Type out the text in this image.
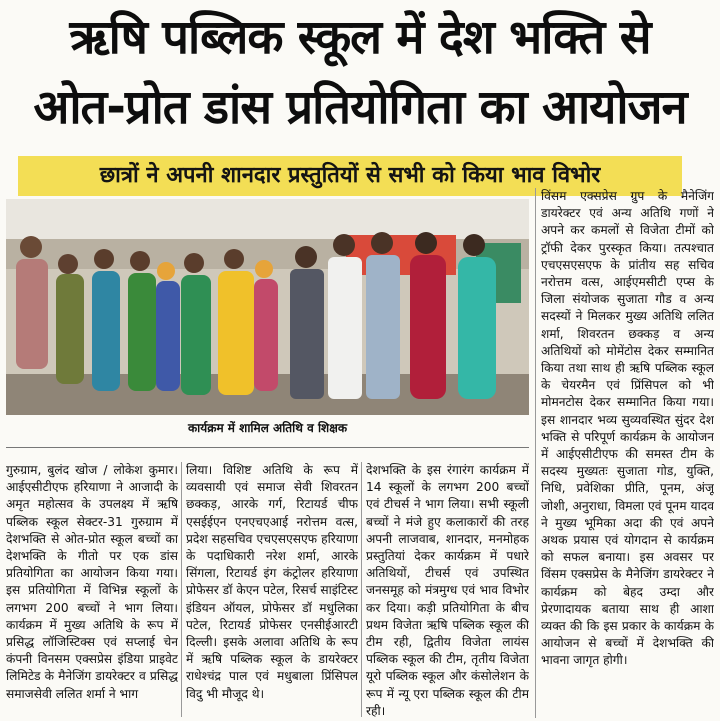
ऋषि पब्लिक स्कूल में देश भक्ति से
ओत-प्रोत डांस प्रतियोगिता का आयोजन
छात्रों ने अपनी शानदार प्रस्तुतियों से सभी को किया भाव विभोर
कार्यक्रम में शामिल अतिथि व शिक्षक

गुरुग्राम, बुलंद खोज / लोकेश कुमार। आईएसीटीएफ हरियाणा ने आजादी के अमृत महोत्सव के उपलक्ष्य में ऋषि पब्लिक स्कूल सेक्टर-31 गुरुग्राम में देशभक्ति से ओत-प्रोत स्कूल बच्चों का देशभक्ति के गीतो पर एक डांस प्रतियोगिता का आयोजन किया गया। इस प्रतियोगिता में विभिन्न स्कूलों के लगभग 200 बच्चों ने भाग लिया। कार्यक्रम में मुख्य अतिथि के रूप में प्रसिद्ध लॉजिस्टिक्स एवं सप्लाई चेन कंपनी विनसम एक्सप्रेस इंडिया प्राइवेट लिमिटेड के मैनेजिंग डायरेक्टर व प्रसिद्ध समाजसेवी ललित शर्मा ने भाग

लिया। विशिष्ट अतिथि के रूप में व्यवसायी एवं समाज सेवी शिवरतन छक्कड़, आरके गर्ग, रिटायर्ड चीफ एसईईएन एनएचएआई नरोत्तम वत्स, प्रदेश सहसचिव एचएसएसएफ हरियाणा के पदाधिकारी नरेश शर्मा, आरके सिंगला, रिटायर्ड इंग कंट्रोलर हरियाणा प्रोफेसर डॉ केएन पटेल, रिसर्च साइंटिस्ट इंडियन ऑयल, प्रोफेसर डॉ मधुलिका पटेल, रिटायर्ड प्रोफेसर एनसीईआरटी दिल्ली। इसके अलावा अतिथि के रूप में ऋषि पब्लिक स्कूल के डायरेक्टर राधेश्चंद्र पाल एवं मधुबाला प्रिंसिपल विदु भी मौजूद थे।

देशभक्ति के इस रंगारंग कार्यक्रम में 14 स्कूलों के लगभग 200 बच्चों एवं टीचर्स ने भाग लिया। सभी स्कूली बच्चों ने मंजे हुए कलाकारों की तरह अपनी लाजवाब, शानदार, मनमोहक प्रस्तुतियां देकर कार्यक्रम में पधारे अतिथियों, टीचर्स एवं उपस्थित जनसमूह को मंत्रमुग्ध एवं भाव विभोर कर दिया। कड़ी प्रतियोगिता के बीच प्रथम विजेता ऋषि पब्लिक स्कूल की टीम रही, द्वितीय विजेता लायंस पब्लिक स्कूल की टीम, तृतीय विजेता यूरो पब्लिक स्कूल और कंसोलेशन के रूप में न्यू एरा पब्लिक स्कूल की टीम रही।

विंसम एक्सप्रेस ग्रुप के मैनेजिंग डायरेक्टर एवं अन्य अतिथि गणों ने अपने कर कमलों से विजेता टीमों को ट्रॉफी देकर पुरस्कृत किया। तत्पश्चात एचएसएसएफ के प्रांतीय सह सचिव नरोत्तम वत्स, आईएमसीटी एप्स के जिला संयोजक सुजाता गौड व अन्य सदस्यों ने मिलकर मुख्य अतिथि ललित शर्मा, शिवरतन छक्कड़ व अन्य अतिथियों को मोमेंटोस देकर सम्मानित किया तथा साथ ही ऋषि पब्लिक स्कूल के चेयरमैन एवं प्रिंसिपल को भी मोमनटोस देकर सम्मानित किया गया। इस शानदार भव्य सुव्यवस्थित सुंदर देश भक्ति से परिपूर्ण कार्यक्रम के आयोजन में आईएसीटीएफ की समस्त टीम के सदस्य मुख्यतः सुजाता गोड, युक्ति, निधि, प्रवेशिका प्रीति, पूनम, अंजू जोशी, अनुराधा, विमला एवं पूनम यादव ने मुख्य भूमिका अदा की एवं अपने अथक प्रयास एवं योगदान से कार्यक्रम को सफल बनाया। इस अवसर पर विंसम एक्सप्रेस के मैनेजिंग डायरेक्टर ने कार्यक्रम को बेहद उम्दा और प्रेरणादायक बताया साथ ही आशा व्यक्त की कि इस प्रकार के कार्यक्रम के आयोजन से बच्चों में देशभक्ति की भावना जागृत होगी।
